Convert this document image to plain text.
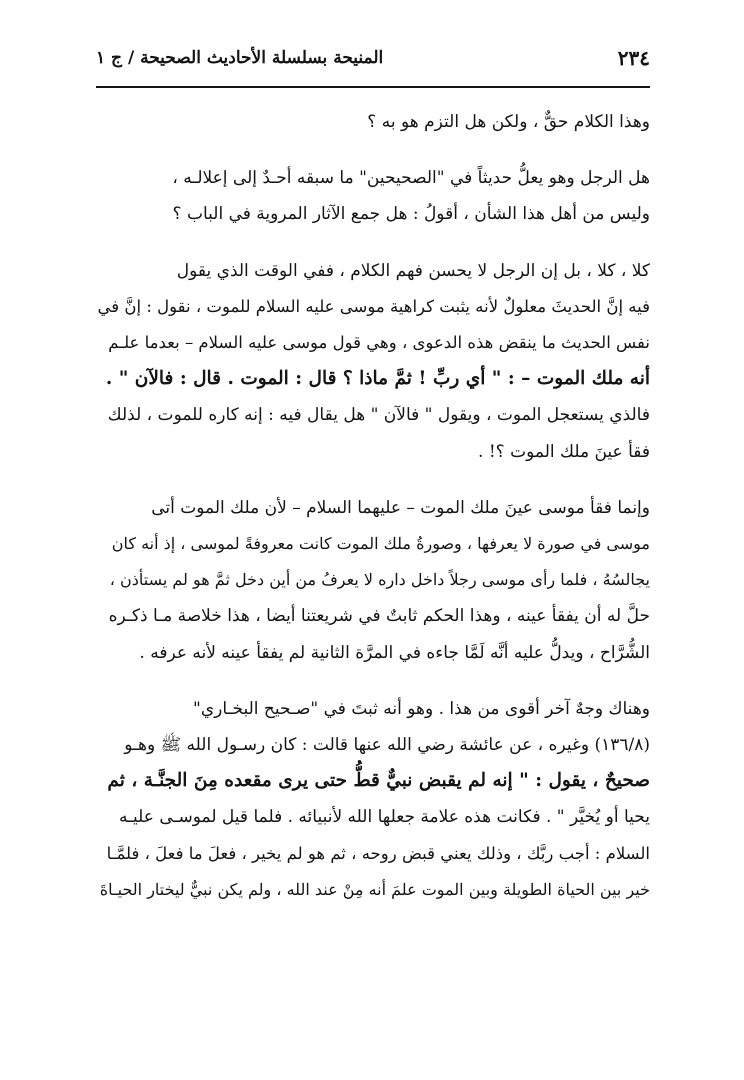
٢٣٤
المنيحة بسلسلة الأحاديث الصحيحة / ج ١

وهذا الكلام حقٌّ ، ولكن هل التزم هو به ؟

هل الرجل وهو يعلُّ حديثاً في "الصحيحين" ما سبقه أحـدٌ إلى إعلالـه ،
وليس من أهل هذا الشأن ، أقولُ : هل جمع الآثار المروية في الباب ؟

كلا ، كلا ، بل إن الرجل لا يحسن فهم الكلام ، ففي الوقت الذي يقول
فيه إنَّ الحديثَ معلولٌ لأنه يثبت كراهية موسى عليه السلام للموت ، نقول : إنَّ في
نفس الحديث ما ينقض هذه الدعوى ، وهي قول موسى عليه السلام – بعدما علـم
أنه ملك الموت – : " أي ربِّ ! ثمَّ ماذا ؟ قال : الموت . قال : فالآن " .
فالذي يستعجل الموت ، ويقول " فالآن " هل يقال فيه : إنه كاره للموت ، لذلك
فقأ عينَ ملك الموت ؟! .

وإنما فقأ موسى عينَ ملك الموت – عليهما السلام – لأن ملك الموت أتى
موسى في صورة لا يعرفها ، وصورةُ ملك الموت كانت معروفةً لموسى ، إذ أنه كان
يجالسُهُ ، فلما رأى موسى رجلاً داخل داره لا يعرفُ من أين دخل ثمَّ هو لم يستأذن ،
حلَّ له أن يفقأ عينه ، وهذا الحكم ثابتٌ في شريعتنا أيضا ، هذا خلاصة مـا ذكـره
الشُّرَّاح ، ويدلُّ عليه أنَّه لَمَّا جاءه في المرَّة الثانية لم يفقأ عينه لأنه عرفه .

وهناك وجهٌ آخر أقوى من هذا . وهو أنه ثبتَ في "صـحيح البخـاري"
(١٣٦/٨) وغيره ، عن عائشة رضي الله عنها قالت : كان رسـول الله ﷺ وهـو
صحيحٌ ، يقول : " إنه لم يقبض نبيٌّ قطُّ حتى يرى مقعده مِنَ الجنَّـة ، ثم
يحيا أو يُخيَّر " . فكانت هذه علامة جعلها الله لأنبيائه . فلما قيل لموسـى عليـه
السلام : أجب ربَّك ، وذلك يعني قبض روحه ، ثم هو لم يخير ، فعلَ ما فعلَ ، فلمَّـا
خير بين الحياة الطويلة وبين الموت علمَ أنه مِنْ عند الله ، ولم يكن نبيٌّ ليختار الحيـاةَ
